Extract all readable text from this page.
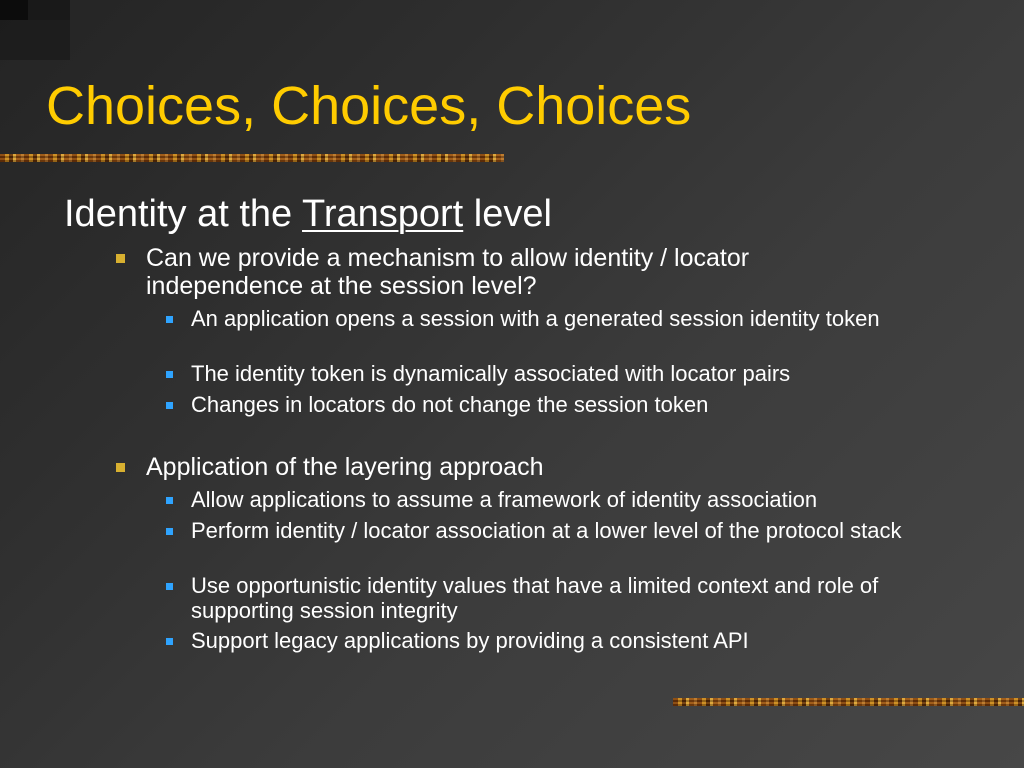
Choices, Choices, Choices
Identity at the Transport level
Can we provide a mechanism to allow identity / locator independence at the session level?
An application opens a session with a generated session identity token
The identity token is dynamically associated with locator pairs
Changes in locators do not change the session token
Application of the layering approach
Allow applications to assume a framework of identity association
Perform identity / locator association at a lower level of the protocol stack
Use opportunistic identity values that have a limited context and role of supporting session integrity
Support legacy applications by providing a consistent API
